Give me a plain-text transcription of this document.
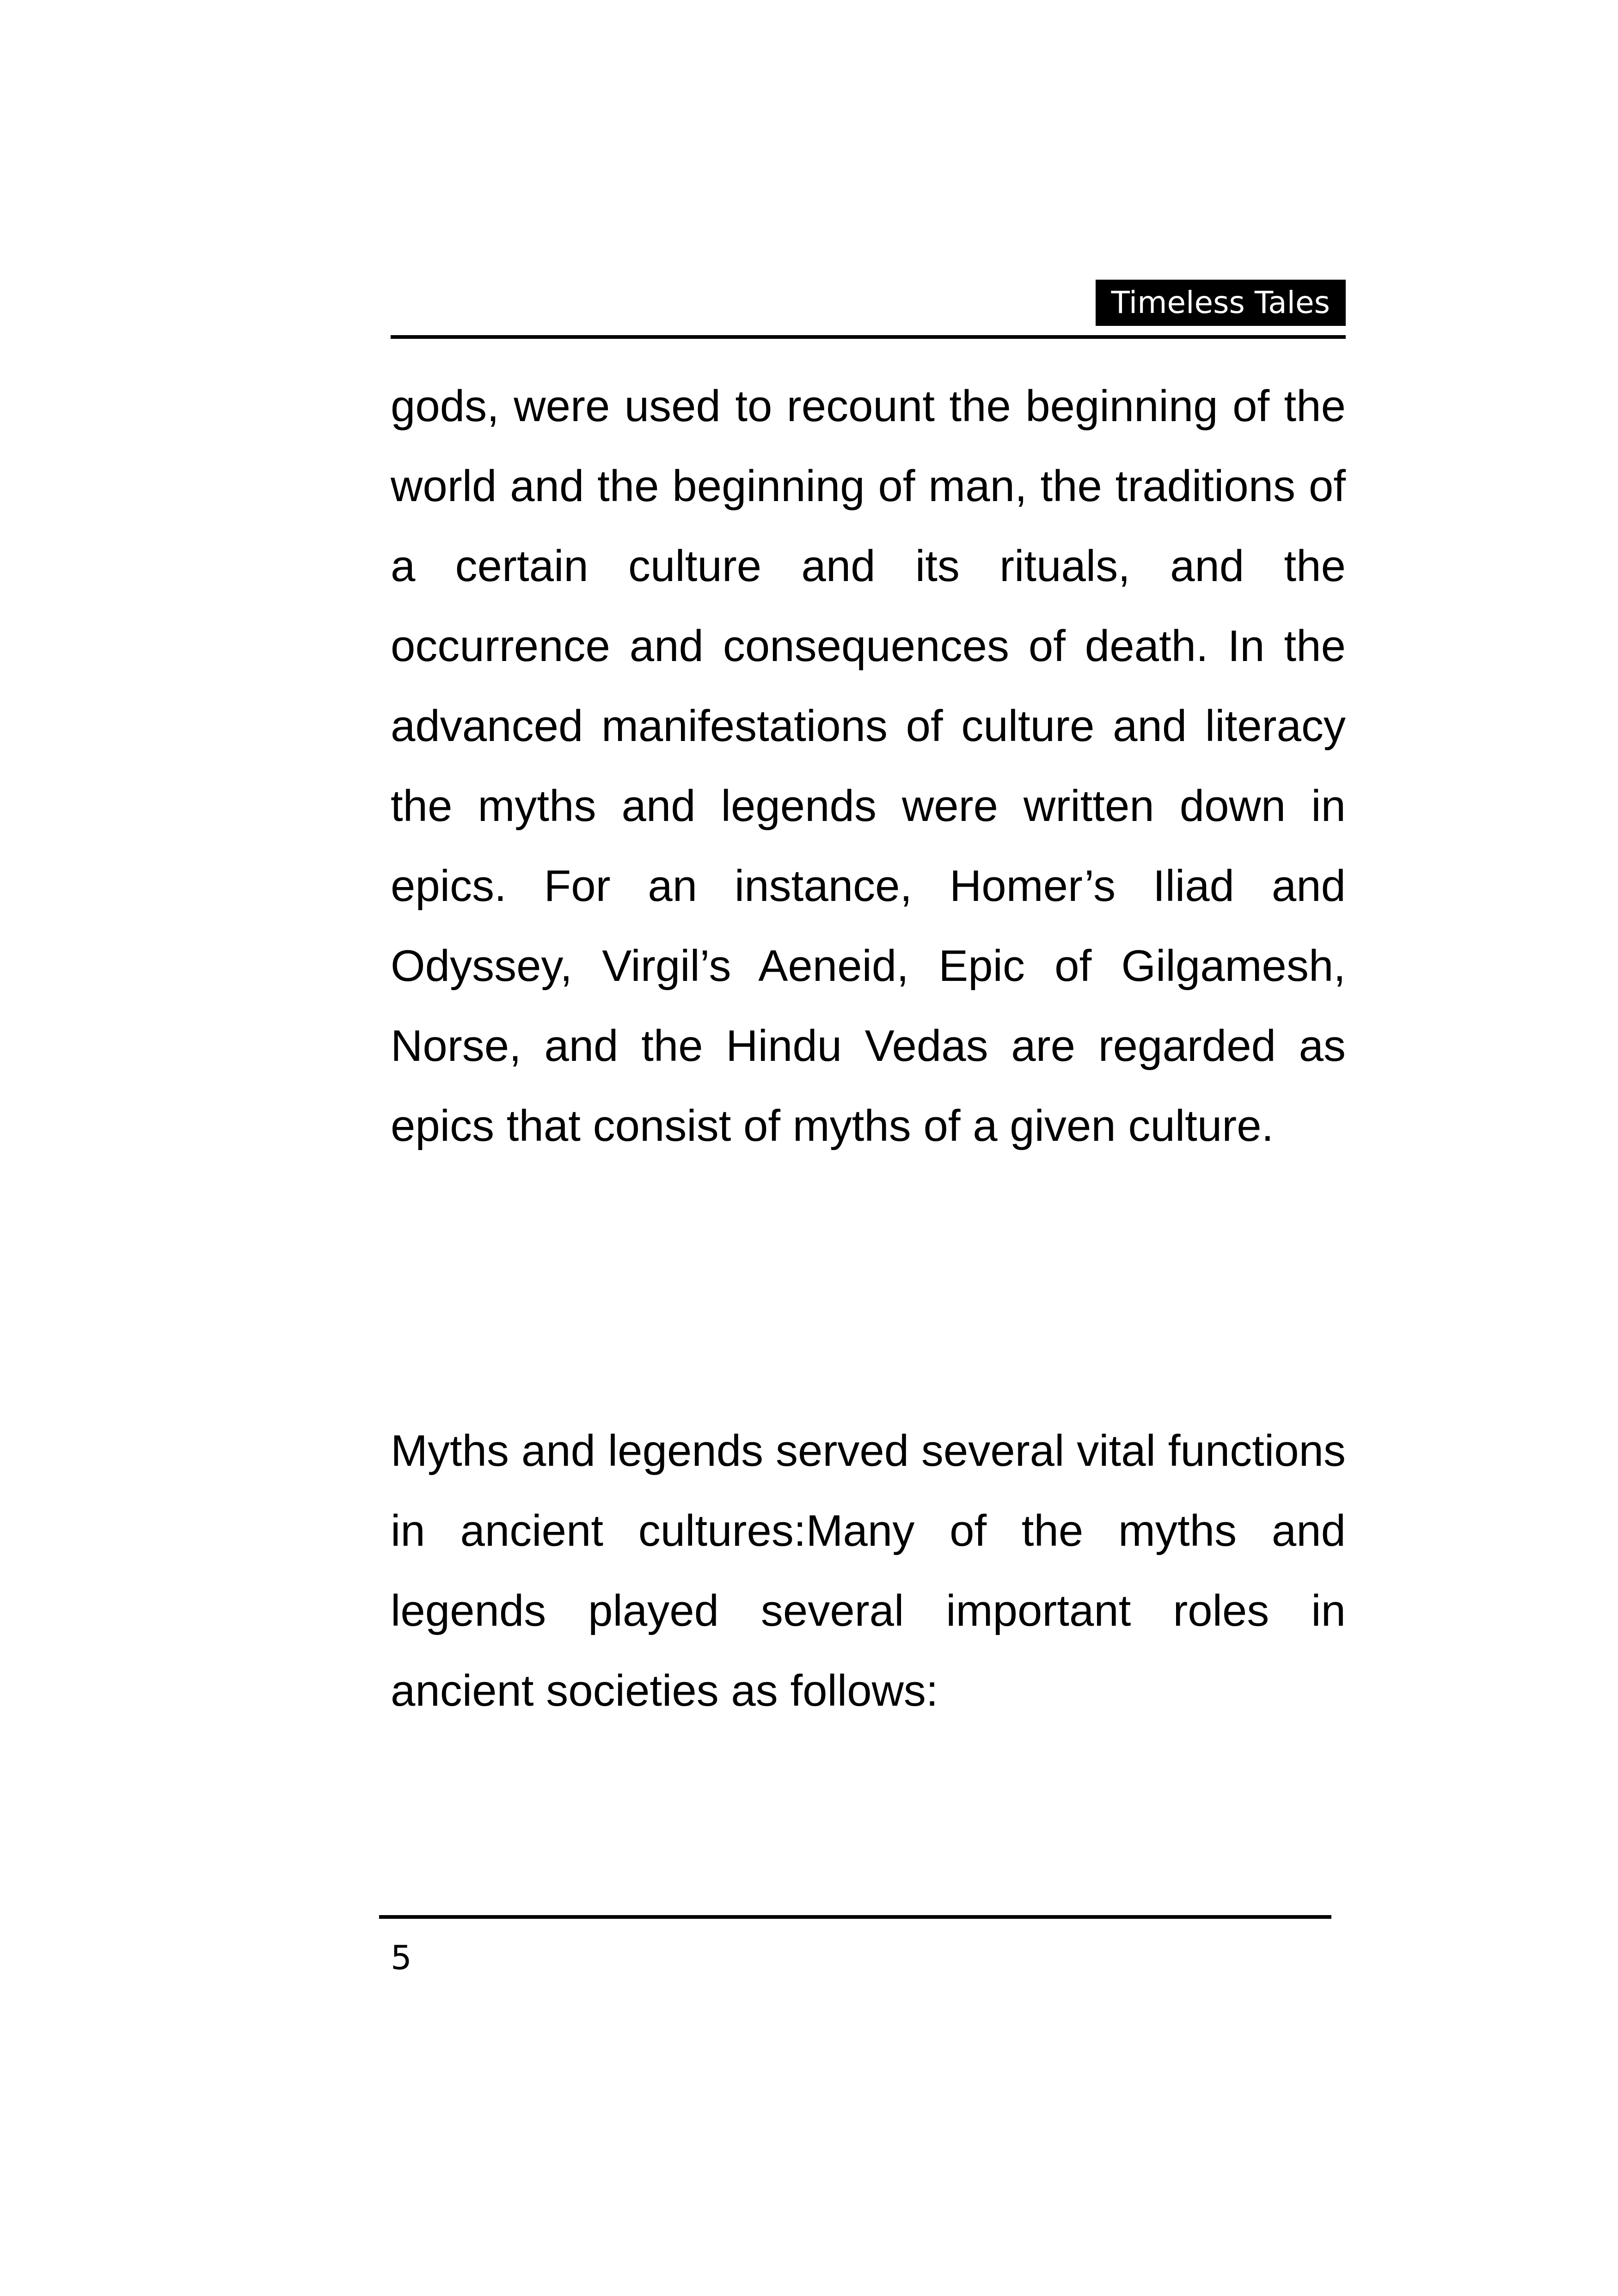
Timeless Tales

gods, were used to recount the beginning of the world and the beginning of man, the traditions of a certain culture and its rituals, and the occurrence and consequences of death. In the advanced manifestations of culture and literacy the myths and legends were written down in epics. For an instance, Homer’s Iliad and Odyssey, Virgil’s Aeneid, Epic of Gilgamesh, Norse, and the Hindu Vedas are regarded as epics that consist of myths of a given culture.

Myths and legends served several vital functions in ancient cultures:Many of the myths and legends played several important roles in ancient societies as follows:

5
